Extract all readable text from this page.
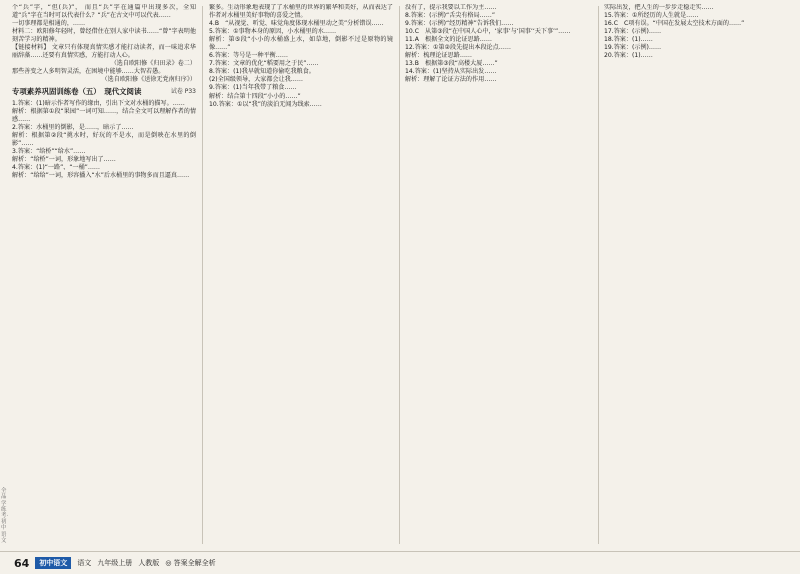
个“兵”字，“但(兵)”， 而且“兵”字在通篇中出现多次，全知道“兵”字在当时可以代表什么？“兵”在古文中可以代表……

一切事理都是相通的，……

材料二：欧阳修年轻时，曾经借住在别人家中读书……“曾”字表明他刻苦学习的精神。

【链接材料】 文章只有体现真情实感才能打动读者，而一味追求华丽辞藻……还要有真情实感，方能打动人心。

（选自欧阳修《归田录》卷二）

那些善变之人多明智灵活，在困境中能够……大智若愚。

（选自欧阳修《送徐无党南归序》）

专项素养巩固训练卷（五）　现代文阅读	试卷 P33

1.答案：(1)暗示作者写作的缘由，引出下文对水桶的描写。……

解析：根据第①段“果园”一词可知……，结合全文可以理解作者的情感……

2.答案：水桶里的倒影，是……，暗示了……

解析：根据第②段“挑水时，好玩的不是水，而是倒映在水里的倒影”……

3.答案：“给桥”“给水”……

解析：“给桥”一词，形象地写出了……

4.答案：(1)“一路”、“一桶”……

解析：“给给”一词，形容播入“水”后水桶里的事物多而且逼真……

繁多。生动形象地表现了了水桶里的世界的繁华和美好，从而表达了作者对水桶里美好事物的喜爱之情。

4.B　“从视觉、听觉、味觉角度体现水桶里动之美”分析错误……

5.答案：①事物本身的原因，小水桶里的水……

解析：第⑤段“小小的水桶盛上水，如草地，倒影不过是原物的镜像……”

6.答案：等号是一种平衡……

7.答案：文章的优化“稻要用之于民”……

8.答案：(1)我早就知道你偷吃我粮食。

(2)全国级领导，大家都会让我……

9.答案：(1)当年我带了粮食……

解析：结合第十四段“小小的……”

10.答案：①以“我”的淡泊无闻为线索……

没有了，提示我要以工作为主……

8.答案：(示例)“舌尖有格局……”

9.答案：(示例)“经历精神”告诉我们……

10.C　从第③段“在中国人心中，‘家事’与‘国事’‘天下事’”……

11.A　根据全文的论证思路……

12.答案：①第②段先提出本段论点……

解析：梳理论证思路……

13.B　根据第③段“高楼大厦……”

14.答案：(1)坚持从实际出发……

解析：理解了论证方法的作用……

实际出发，把人生的一步步走稳走实……

15.答案：①所经历的人生就是……

16.C　C项有误。“中国在发展太空技术方面的……”

17.答案：(示例)……

18.答案：(1)……

19.答案：(示例)……

20.答案：(1)……

全品学练考·初中语文
64	初中语文	语文 九年级上册 人教版 ◎ 答案全解全析
